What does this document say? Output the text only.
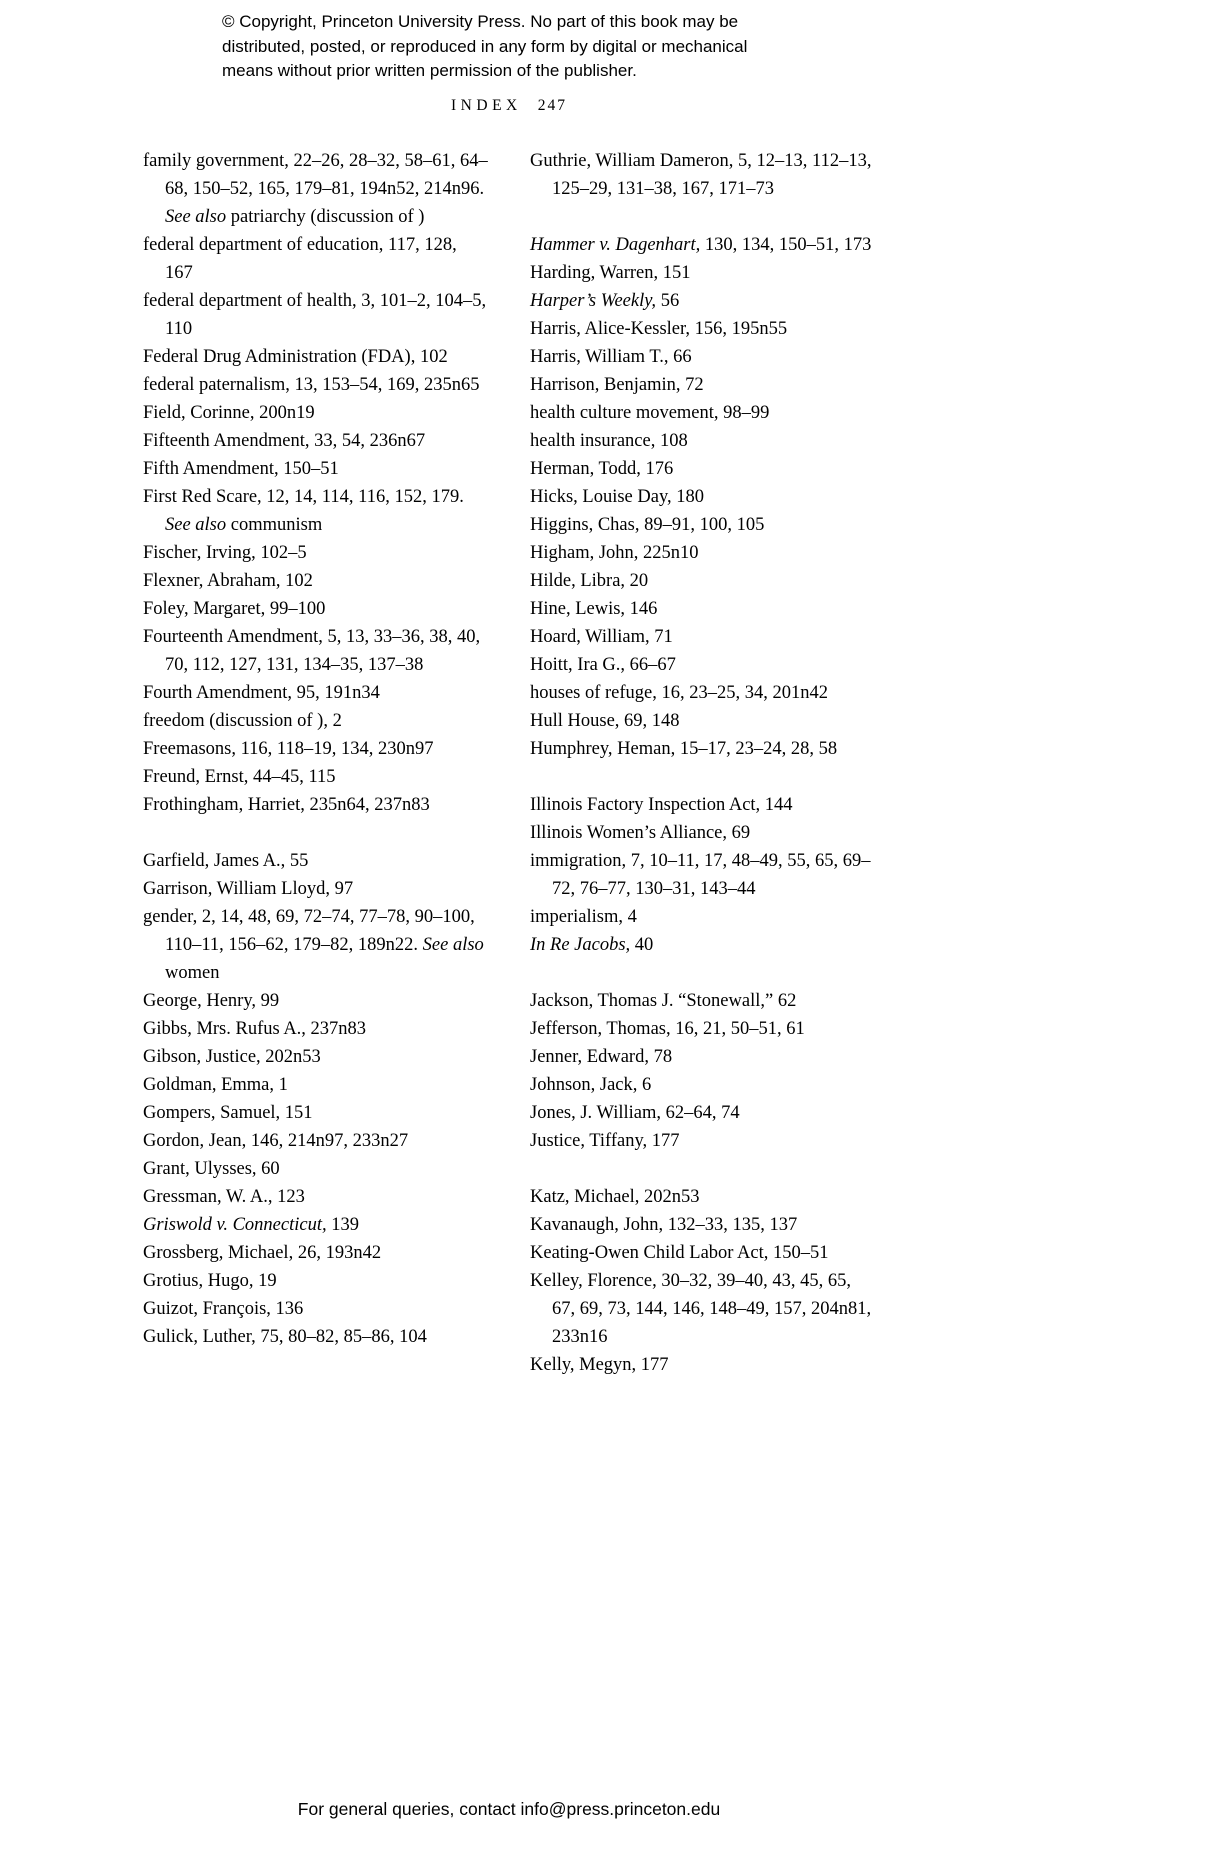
© Copyright, Princeton University Press. No part of this book may be
distributed, posted, or reproduced in any form by digital or mechanical
means without prior written permission of the publisher.
INDEX 247

family government, 22–26, 28–32, 58–61, 64–68, 150–52, 165, 179–81, 194n52, 214n96. See also patriarchy (discussion of )

federal department of education, 117, 128, 167

federal department of health, 3, 101–2, 104–5, 110

Federal Drug Administration (FDA), 102

federal paternalism, 13, 153–54, 169, 235n65

Field, Corinne, 200n19

Fifteenth Amendment, 33, 54, 236n67

Fifth Amendment, 150–51

First Red Scare, 12, 14, 114, 116, 152, 179. See also communism

Fischer, Irving, 102–5

Flexner, Abraham, 102

Foley, Margaret, 99–100

Fourteenth Amendment, 5, 13, 33–36, 38, 40, 70, 112, 127, 131, 134–35, 137–38

Fourth Amendment, 95, 191n34

freedom (discussion of ), 2

Freemasons, 116, 118–19, 134, 230n97

Freund, Ernst, 44–45, 115

Frothingham, Harriet, 235n64, 237n83

Garfield, James A., 55

Garrison, William Lloyd, 97

gender, 2, 14, 48, 69, 72–74, 77–78, 90–100, 110–11, 156–62, 179–82, 189n22. See also women

George, Henry, 99

Gibbs, Mrs. Rufus A., 237n83

Gibson, Justice, 202n53

Goldman, Emma, 1

Gompers, Samuel, 151

Gordon, Jean, 146, 214n97, 233n27

Grant, Ulysses, 60

Gressman, W. A., 123

Griswold v. Connecticut, 139

Grossberg, Michael, 26, 193n42

Grotius, Hugo, 19

Guizot, François, 136

Gulick, Luther, 75, 80–82, 85–86, 104

Guthrie, William Dameron, 5, 12–13, 112–13, 125–29, 131–38, 167, 171–73

Hammer v. Dagenhart, 130, 134, 150–51, 173

Harding, Warren, 151

Harper’s Weekly, 56

Harris, Alice-Kessler, 156, 195n55

Harris, William T., 66

Harrison, Benjamin, 72

health culture movement, 98–99

health insurance, 108

Herman, Todd, 176

Hicks, Louise Day, 180

Higgins, Chas, 89–91, 100, 105

Higham, John, 225n10

Hilde, Libra, 20

Hine, Lewis, 146

Hoard, William, 71

Hoitt, Ira G., 66–67

houses of refuge, 16, 23–25, 34, 201n42

Hull House, 69, 148

Humphrey, Heman, 15–17, 23–24, 28, 58

Illinois Factory Inspection Act, 144

Illinois Women’s Alliance, 69

immigration, 7, 10–11, 17, 48–49, 55, 65, 69–72, 76–77, 130–31, 143–44

imperialism, 4

In Re Jacobs, 40

Jackson, Thomas J. “Stonewall,” 62

Jefferson, Thomas, 16, 21, 50–51, 61

Jenner, Edward, 78

Johnson, Jack, 6

Jones, J. William, 62–64, 74

Justice, Tiffany, 177

Katz, Michael, 202n53

Kavanaugh, John, 132–33, 135, 137

Keating-Owen Child Labor Act, 150–51

Kelley, Florence, 30–32, 39–40, 43, 45, 65, 67, 69, 73, 144, 146, 148–49, 157, 204n81, 233n16

Kelly, Megyn, 177

For general queries, contact info@press.princeton.edu
